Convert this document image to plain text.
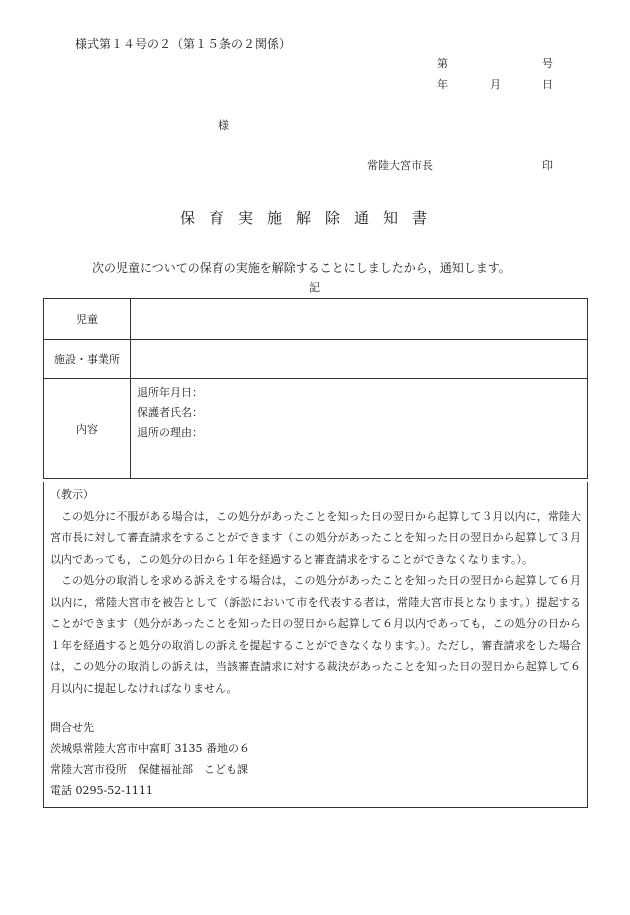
様式第１４号の２（第１５条の２関係）
第	号
年	月	日
様
常陸大宮市長	印
保育実施解除通知書
次の児童についての保育の実施を解除することにしましたから，通知します。
記
児童	
施設・事業所	
内容	退所年月日：
保護者氏名：
退所の理由：

（教示）

この処分に不服がある場合は，この処分があったことを知った日の翌日から起算して３月以内に，常陸大宮市長に対して審査請求をすることができます（この処分があったことを知った日の翌日から起算して３月以内であっても，この処分の日から１年を経過すると審査請求をすることができなくなります。）。

この処分の取消しを求める訴えをする場合は，この処分があったことを知った日の翌日から起算して６月以内に，常陸大宮市を被告として（訴訟において市を代表する者は，常陸大宮市長となります。）提起することができます（処分があったことを知った日の翌日から起算して６月以内であっても，この処分の日から１年を経過すると処分の取消しの訴えを提起することができなくなります。）。ただし，審査請求をした場合は，この処分の取消しの訴えは，当該審査請求に対する裁決があったことを知った日の翌日から起算して６月以内に提起しなければなりません。

問合せ先
茨城県常陸大宮市中富町 3135 番地の６
常陸大宮市役所　保健福祉部　こども課
電話 0295-52-1111
